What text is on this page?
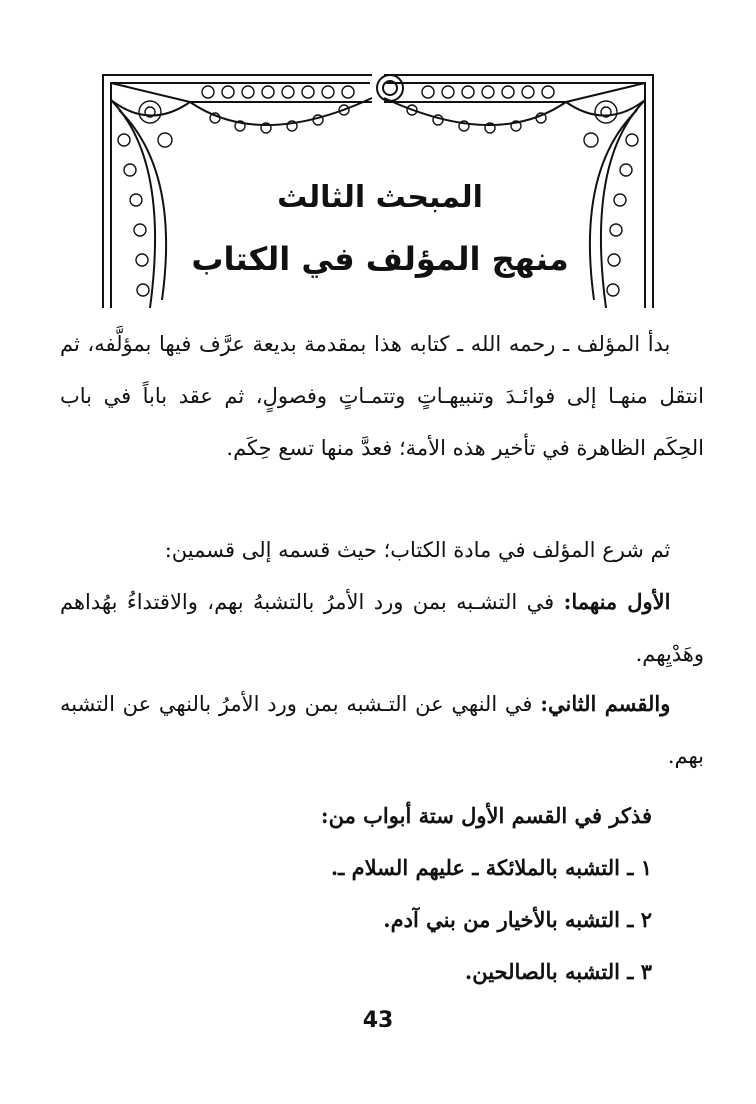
المبحث الثالث
منهج المؤلف في الكتاب

بدأ المؤلف ـ رحمه الله ـ كتابه هذا بمقدمة بديعة عرَّف فيها بمؤلَّفه، ثم انتقل منهـا إلى فوائـدَ وتنبيهـاتٍ وتتمـاتٍ وفصولٍ، ثم عقد باباً في باب الحِكَم الظاهرة في تأخير هذه الأمة؛ فعدَّ منها تسع حِكَم.

ثم شرع المؤلف في مادة الكتاب؛ حيث قسمه إلى قسمين:

الأول منهما: في التشـبه بمن ورد الأمرُ بالتشبهُ بهم، والاقتداءُ بهُداهم وهَدْيِهم.

والقسم الثاني: في النهي عن التـشبه بمن ورد الأمرُ بالنهي عن التشبه بهم.

فذكر في القسم الأول ستة أبواب من:

١ ـ التشبه بالملائكة ـ عليهم السلام ـ.

٢ ـ التشبه بالأخيار من بني آدم.

٣ ـ التشبه بالصالحين.

43
